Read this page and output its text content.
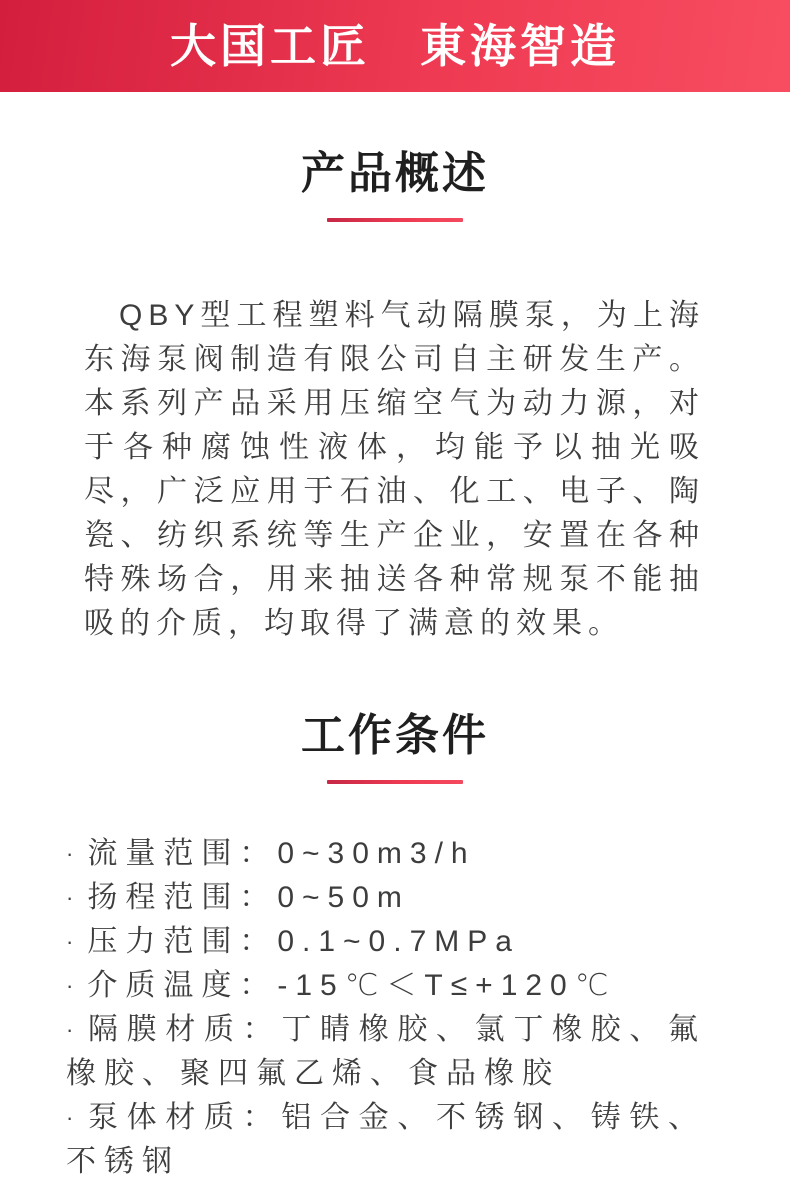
大国工匠　東海智造
产品概述

QBY型工程塑料气动隔膜泵，为上海东海泵阀制造有限公司自主研发生产。本系列产品采用压缩空气为动力源，对于各种腐蚀性液体，均能予以抽光吸尽，广泛应用于石油、化工、电子、陶瓷、纺织系统等生产企业，安置在各种特殊场合，用来抽送各种常规泵不能抽吸的介质，均取得了满意的效果。

工作条件
· 流量范围：0~30m3/h
· 扬程范围：0~50m
· 压力范围：0.1~0.7MPa
· 介质温度：-15℃＜T≤+120℃
· 隔膜材质：丁睛橡胶、氯丁橡胶、氟橡胶、聚四氟乙烯、食品橡胶
· 泵体材质：铝合金、不锈钢、铸铁、不锈钢
